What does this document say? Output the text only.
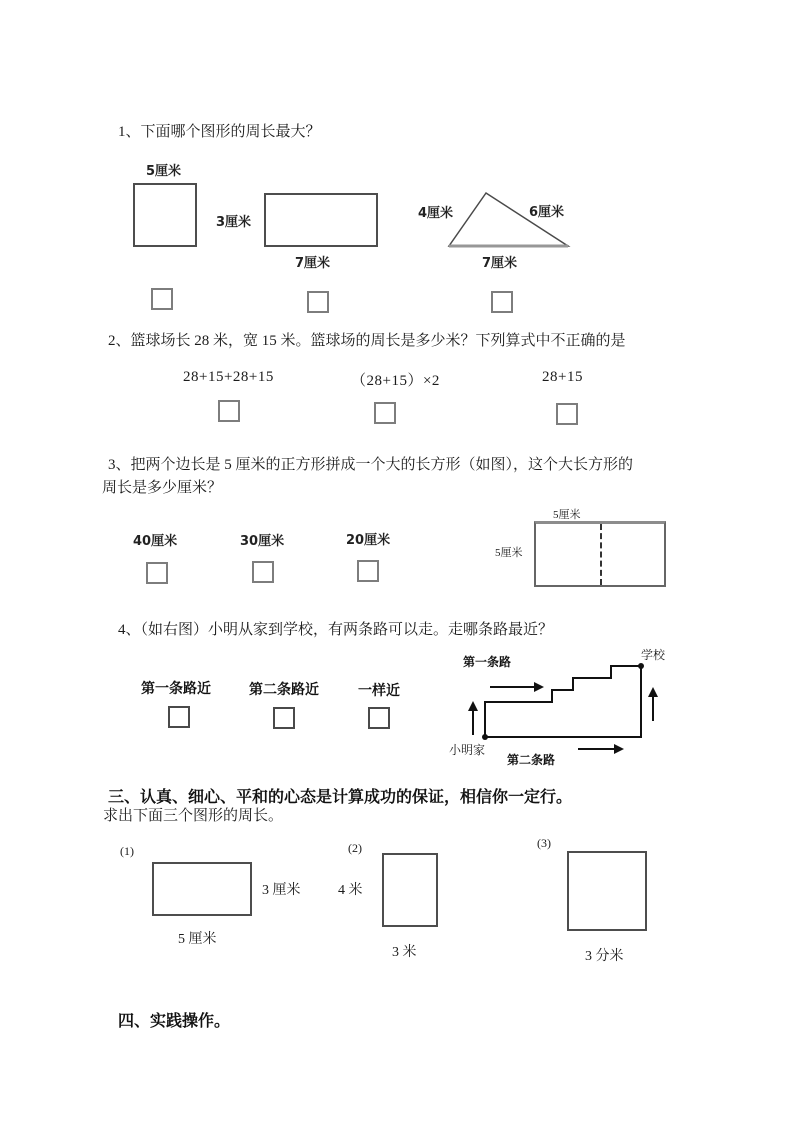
1、下面哪个图形的周长最大？
5厘米
3厘米
7厘米
4厘米	6厘米
7厘米
2、篮球场长 28 米，宽 15 米。篮球场的周长是多少米？下列算式中不正确的是
28+15+28+15	（28+15）×2	28+15
3、把两个边长是 5 厘米的正方形拼成一个大的长方形（如图），这个大长方形的
周长是多少厘米？
40厘米	30厘米	20厘米
5厘米
5厘米
4、（如右图）小明从家到学校，有两条路可以走。走哪条路最近？
第一条路近	第二条路近	一样近
第一条路	学校
小明家
第二条路
三、认真、细心、平和的心态是计算成功的保证，相信你一定行。
求出下面三个图形的周长。
(1)
3 厘米
5 厘米
(2)
4 米
3 米
(3)
3 分米
四、实践操作。
